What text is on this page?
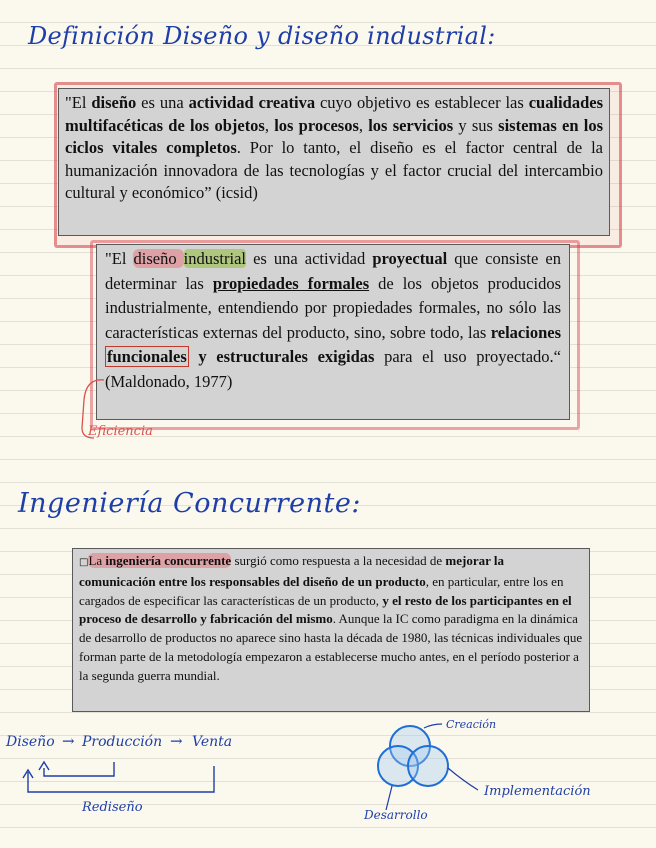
Definición Diseño y diseño industrial:

"El diseño es una actividad creativa cuyo objetivo es establecer las cualidades multifacéticas de los objetos, los procesos, los servicios y sus sistemas en los ciclos vitales completos. Por lo tanto, el diseño es el factor central de la humanización innovadora de las tecnologías y el factor crucial del intercambio cultural y económico” (icsid)

"El diseño industrial es una actividad proyectual que consiste en determinar las propiedades formales de los objetos producidos industrialmente, entendiendo por propiedades formales, no sólo las características externas del producto, sino, sobre todo, las relaciones funcionales y estructurales exigidas para el uso proyectado.“ (Maldonado, 1977)

Eficiencia

Ingeniería Concurrente:

□La ingeniería concurrente surgió como respuesta a la necesidad de mejorar la comunicación entre los responsables del diseño de un producto, en particular, entre los en cargados de especificar las características de un producto, y el resto de los participantes en el proceso de desarrollo y fabricación del mismo. Aunque la IC como paradigma en la dinámica de desarrollo de productos no aparece sino hasta la década de 1980, las técnicas individuales que forman parte de la metodología empezaron a establecerse mucho antes, en el período posterior a la segunda guerra mundial.

Diseño → Producción → Venta

Rediseño

Creación

Implementación

Desarrollo
